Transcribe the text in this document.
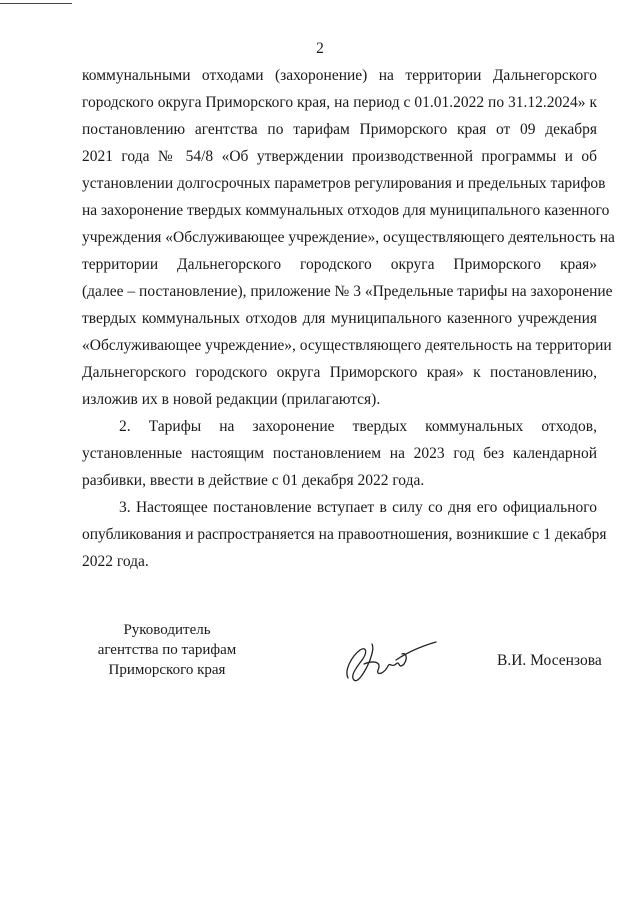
2
коммунальными отходами (захоронение) на территории Дальнегорского
городского округа Приморского края, на период с 01.01.2022 по 31.12.2024» к
постановлению агентства по тарифам Приморского края от 09 декабря
2021 года № 54/8 «Об утверждении производственной программы и об
установлении долгосрочных параметров регулирования и предельных тарифов
на захоронение твердых коммунальных отходов для муниципального казенного
учреждения «Обслуживающее учреждение», осуществляющего деятельность на
территории Дальнегорского городского округа Приморского края»
(далее – постановление), приложение № 3 «Предельные тарифы на захоронение
твердых коммунальных отходов для муниципального казенного учреждения
«Обслуживающее учреждение», осуществляющего деятельность на территории
Дальнегорского городского округа Приморского края» к постановлению,
изложив их в новой редакции (прилагаются).
2. Тарифы на захоронение твердых коммунальных отходов,
установленные настоящим постановлением на 2023 год без календарной
разбивки, ввести в действие с 01 декабря 2022 года.
3. Настоящее постановление вступает в силу со дня его официального
опубликования и распространяется на правоотношения, возникшие с 1 декабря
2022 года.
Руководитель
агентства по тарифам
Приморского края
В.И. Мосензова
